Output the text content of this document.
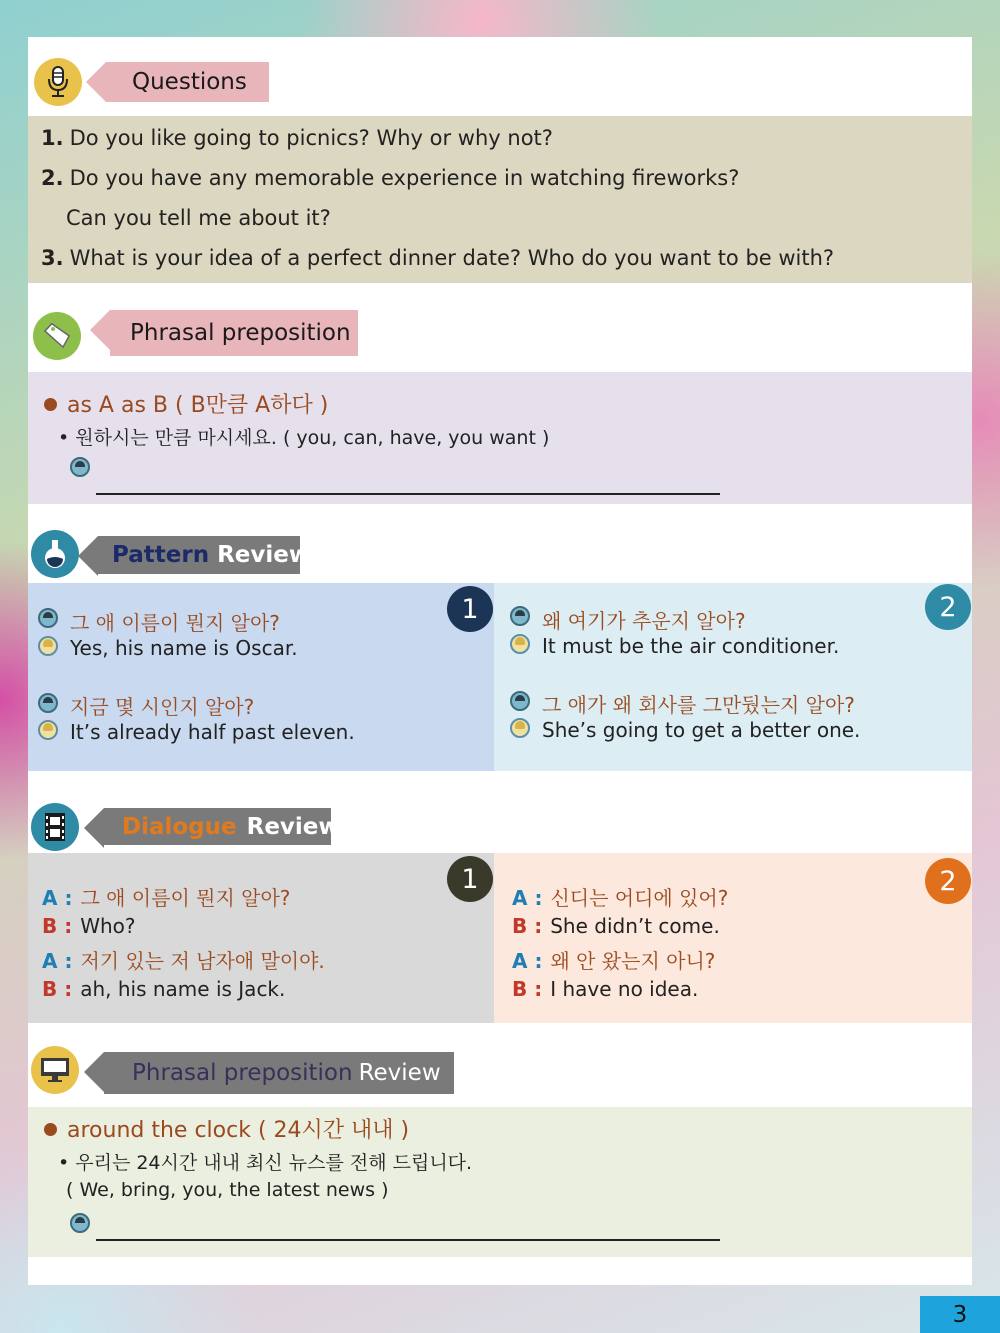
Questions
1. Do you like going to picnics? Why or why not?
2. Do you have any memorable experience in watching fireworks?
Can you tell me about it?
3. What is your idea of a perfect dinner date? Who do you want to be with?
Phrasal preposition
as A as B ( B만큼 A하다 )
• 원하시는 만큼 마시세요. ( you, can, have, you want )
Pattern Review
1
그 애 이름이 뭔지 알아?
Yes, his name is Oscar.
지금 몇 시인지 알아?
It’s already half past eleven.
2
왜 여기가 추운지 알아?
It must be the air conditioner.
그 애가 왜 회사를 그만뒀는지 알아?
She’s going to get a better one.
Dialogue Review
1
A : 그 애 이름이 뭔지 알아?
B : Who?
A : 저기 있는 저 남자애 말이야.
B : ah, his name is Jack.
2
A : 신디는 어디에 있어?
B : She didn’t come.
A : 왜 안 왔는지 아니?
B : I have no idea.
Phrasal preposition Review
around the clock ( 24시간 내내 )
• 우리는 24시간 내내 최신 뉴스를 전해 드립니다.
( We, bring, you, the latest news )
3
